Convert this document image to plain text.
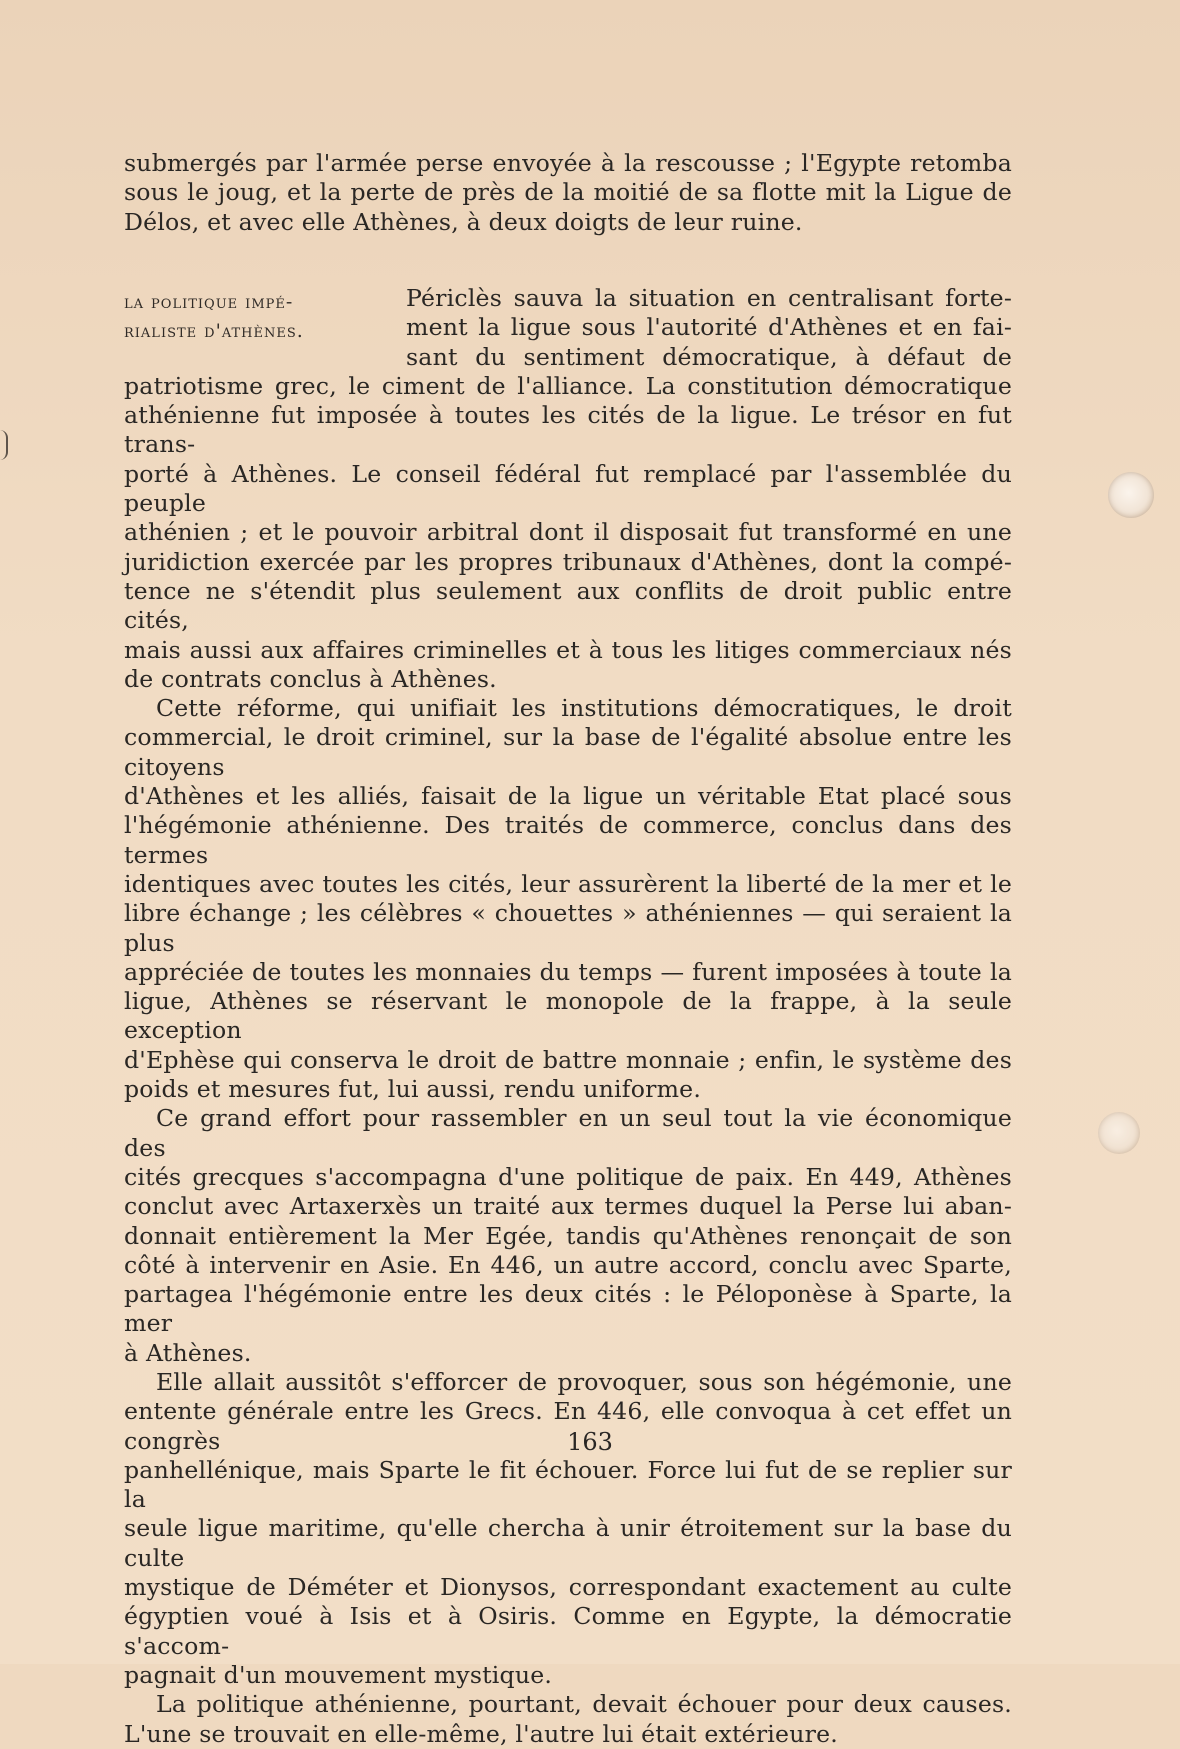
submergés par l'armée perse envoyée à la rescousse ; l'Egypte retomba

sous le joug, et la perte de près de la moitié de sa flotte mit la Ligue de

Délos, et avec elle Athènes, à deux doigts de leur ruine.

la politique impé-
rialiste d'athènes.

Périclès sauva la situation en centralisant forte-

ment la ligue sous l'autorité d'Athènes et en fai-

sant du sentiment démocratique, à défaut de

patriotisme grec, le ciment de l'alliance. La constitution démocratique

athénienne fut imposée à toutes les cités de la ligue. Le trésor en fut trans-

porté à Athènes. Le conseil fédéral fut remplacé par l'assemblée du peuple

athénien ; et le pouvoir arbitral dont il disposait fut transformé en une

juridiction exercée par les propres tribunaux d'Athènes, dont la compé-

tence ne s'étendit plus seulement aux conflits de droit public entre cités,

mais aussi aux affaires criminelles et à tous les litiges commerciaux nés

de contrats conclus à Athènes.

Cette réforme, qui unifiait les institutions démocratiques, le droit

commercial, le droit criminel, sur la base de l'égalité absolue entre les citoyens

d'Athènes et les alliés, faisait de la ligue un véritable Etat placé sous

l'hégémonie athénienne. Des traités de commerce, conclus dans des termes

identiques avec toutes les cités, leur assurèrent la liberté de la mer et le

libre échange ; les célèbres « chouettes » athéniennes — qui seraient la plus

appréciée de toutes les monnaies du temps — furent imposées à toute la

ligue, Athènes se réservant le monopole de la frappe, à la seule exception

d'Ephèse qui conserva le droit de battre monnaie ; enfin, le système des

poids et mesures fut, lui aussi, rendu uniforme.

Ce grand effort pour rassembler en un seul tout la vie économique des

cités grecques s'accompagna d'une politique de paix. En 449, Athènes

conclut avec Artaxerxès un traité aux termes duquel la Perse lui aban-

donnait entièrement la Mer Egée, tandis qu'Athènes renonçait de son

côté à intervenir en Asie. En 446, un autre accord, conclu avec Sparte,

partagea l'hégémonie entre les deux cités : le Péloponèse à Sparte, la mer

à Athènes.

Elle allait aussitôt s'efforcer de provoquer, sous son hégémonie, une

entente générale entre les Grecs. En 446, elle convoqua à cet effet un congrès

panhellénique, mais Sparte le fit échouer. Force lui fut de se replier sur la

seule ligue maritime, qu'elle chercha à unir étroitement sur la base du culte

mystique de Déméter et Dionysos, correspondant exactement au culte

égyptien voué à Isis et à Osiris. Comme en Egypte, la démocratie s'accom-

pagnait d'un mouvement mystique.

La politique athénienne, pourtant, devait échouer pour deux causes.

L'une se trouvait en elle-même, l'autre lui était extérieure.

163
